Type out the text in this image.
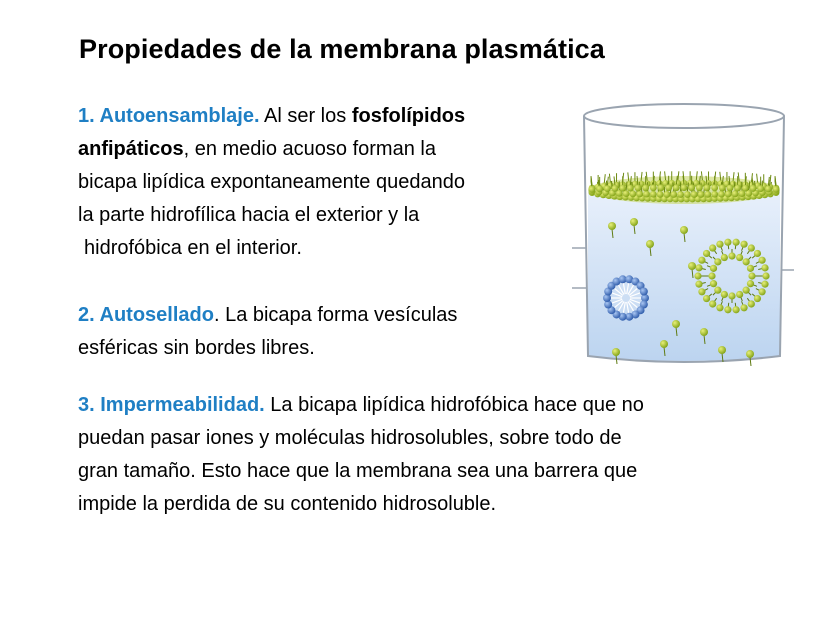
Propiedades de la membrana plasmática
1. Autoensamblaje. Al ser los fosfolípidos
anfipáticos, en medio acuoso forman la
bicapa lipídica expontaneamente quedando
la parte hidrofílica hacia el exterior y la
hidrofóbica en el interior.
2. Autosellado. La bicapa forma vesículas
esféricas sin bordes libres.
3. Impermeabilidad. La bicapa lipídica hidrofóbica hace que no
puedan pasar iones y moléculas hidrosolubles, sobre todo de
gran tamaño. Esto hace que la membrana sea una barrera que
impide la perdida de su contenido hidrosoluble.
